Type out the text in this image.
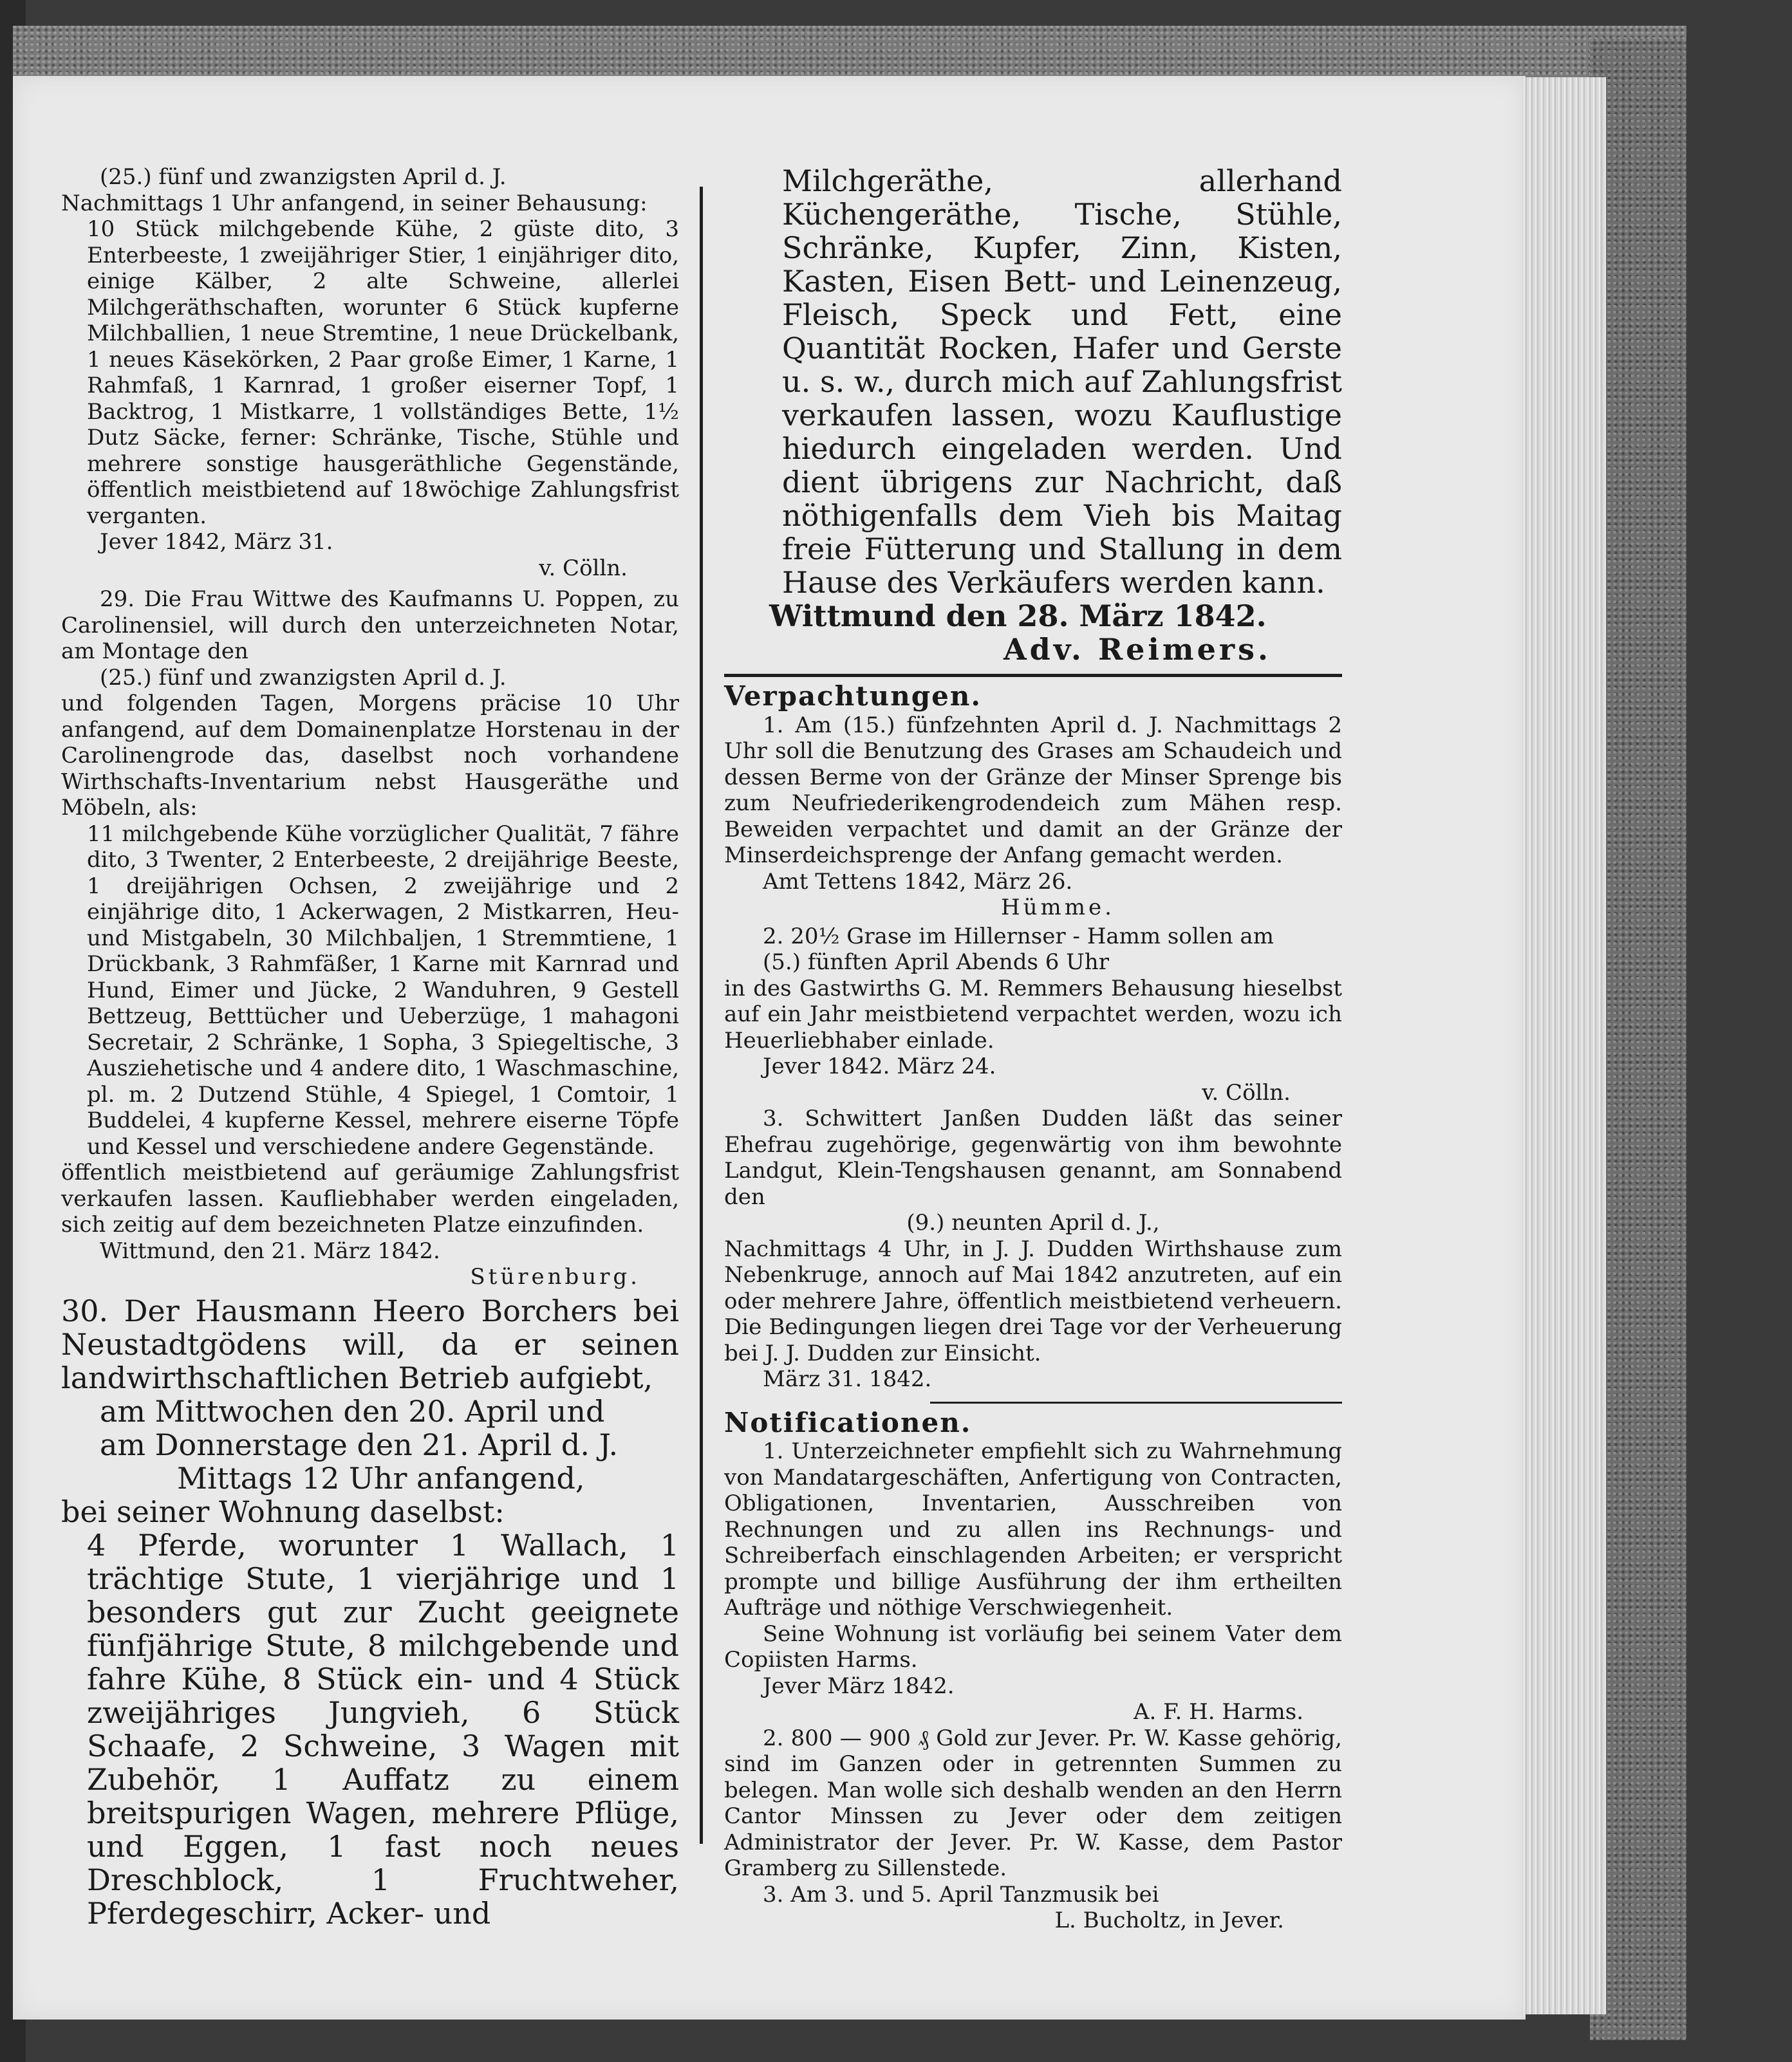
(25.) fünf und zwanzigsten April d. J.

Nachmittags 1 Uhr anfangend, in seiner Behausung:

10 Stück milchgebende Kühe, 2 güste dito, 3 Enterbeeste, 1 zweijähriger Stier, 1 einjähriger dito, einige Kälber, 2 alte Schweine, allerlei Milchgeräthschaften, worunter 6 Stück kupferne Milchballien, 1 neue Stremtine, 1 neue Drückelbank, 1 neues Käsekörken, 2 Paar große Eimer, 1 Karne, 1 Rahmfaß, 1 Karnrad, 1 großer eiserner Topf, 1 Backtrog, 1 Mistkarre, 1 vollständiges Bette, 1½ Dutz Säcke, ferner: Schränke, Tische, Stühle und mehrere sonstige hausgeräthliche Gegenstände, öffentlich meistbietend auf 18wöchige Zahlungsfrist verganten.

Jever 1842, März 31.

v. Cölln.

29. Die Frau Wittwe des Kaufmanns U. Poppen, zu Carolinensiel, will durch den unterzeichneten Notar, am Montage den

(25.) fünf und zwanzigsten April d. J.

und folgenden Tagen, Morgens präcise 10 Uhr anfangend, auf dem Domainenplatze Horstenau in der Carolinengrode das, daselbst noch vorhandene Wirthschafts-Inventarium nebst Hausgeräthe und Möbeln, als:

11 milchgebende Kühe vorzüglicher Qualität, 7 fähre dito, 3 Twenter, 2 Enterbeeste, 2 dreijährige Beeste, 1 dreijährigen Ochsen, 2 zweijährige und 2 einjährige dito, 1 Ackerwagen, 2 Mistkarren, Heu- und Mistgabeln, 30 Milchbaljen, 1 Stremmtiene, 1 Drückbank, 3 Rahmfäßer, 1 Karne mit Karnrad und Hund, Eimer und Jücke, 2 Wanduhren, 9 Gestell Bettzeug, Betttücher und Ueberzüge, 1 mahagoni Secretair, 2 Schränke, 1 Sopha, 3 Spiegeltische, 3 Ausziehetische und 4 andere dito, 1 Waschmaschine, pl. m. 2 Dutzend Stühle, 4 Spiegel, 1 Comtoir, 1 Buddelei, 4 kupferne Kessel, mehrere eiserne Töpfe und Kessel und verschiedene andere Gegenstände.

öffentlich meistbietend auf geräumige Zahlungsfrist verkaufen lassen. Kaufliebhaber werden eingeladen, sich zeitig auf dem bezeichneten Platze einzufinden.

Wittmund, den 21. März 1842.

Stürenburg.

30. Der Hausmann Heero Borchers bei Neustadtgödens will, da er seinen landwirthschaftlichen Betrieb aufgiebt,

am Mittwochen den 20. April und

am Donnerstage den 21. April d. J.

Mittags 12 Uhr anfangend,

bei seiner Wohnung daselbst:

4 Pferde, worunter 1 Wallach, 1 trächtige Stute, 1 vierjährige und 1 besonders gut zur Zucht geeignete fünfjährige Stute, 8 milchgebende und fahre Kühe, 8 Stück ein- und 4 Stück zweijähriges Jungvieh, 6 Stück Schaafe, 2 Schweine, 3 Wagen mit Zubehör, 1 Auffatz zu einem breitspurigen Wagen, mehrere Pflüge, und Eggen, 1 fast noch neues Dreschblock, 1 Fruchtweher, Pferdegeschirr, Acker- und

Milchgeräthe, allerhand Küchengeräthe, Tische, Stühle, Schränke, Kupfer, Zinn, Kisten, Kasten, Eisen Bett- und Leinenzeug, Fleisch, Speck und Fett, eine Quantität Rocken, Hafer und Gerste u. s. w., durch mich auf Zahlungsfrist verkaufen lassen, wozu Kauflustige hiedurch eingeladen werden. Und dient übrigens zur Nachricht, daß nöthigenfalls dem Vieh bis Maitag freie Fütterung und Stallung in dem Hause des Verkäufers werden kann.

Wittmund den 28. März 1842.

Adv. Reimers.

Verpachtungen.

1. Am (15.) fünfzehnten April d. J. Nachmittags 2 Uhr soll die Benutzung des Grases am Schaudeich und dessen Berme von der Gränze der Minser Sprenge bis zum Neufriederikengrodendeich zum Mähen resp. Beweiden verpachtet und damit an der Gränze der Minserdeichsprenge der Anfang gemacht werden.

Amt Tettens 1842, März 26.

Hümme.

2. 20½ Grase im Hillernser - Hamm sollen am

(5.) fünften April Abends 6 Uhr

in des Gastwirths G. M. Remmers Behausung hieselbst auf ein Jahr meistbietend verpachtet werden, wozu ich Heuerliebhaber einlade.

Jever 1842. März 24.

v. Cölln.

3. Schwittert Janßen Dudden läßt das seiner Ehefrau zugehörige, gegenwärtig von ihm bewohnte Landgut, Klein-Tengshausen genannt, am Sonnabend den

(9.) neunten April d. J.,

Nachmittags 4 Uhr, in J. J. Dudden Wirthshause zum Nebenkruge, annoch auf Mai 1842 anzutreten, auf ein oder mehrere Jahre, öffentlich meistbietend verheuern. Die Bedingungen liegen drei Tage vor der Verheuerung bei J. J. Dudden zur Einsicht.

März 31. 1842.

Notificationen.

1. Unterzeichneter empfiehlt sich zu Wahrnehmung von Mandatargeschäften, Anfertigung von Contracten, Obligationen, Inventarien, Ausschreiben von Rechnungen und zu allen ins Rechnungs- und Schreiberfach einschlagenden Arbeiten; er verspricht prompte und billige Ausführung der ihm ertheilten Aufträge und nöthige Verschwiegenheit.

Seine Wohnung ist vorläufig bei seinem Vater dem Copiisten Harms.

Jever März 1842.

A. F. H. Harms.

2. 800 — 900 ₰ Gold zur Jever. Pr. W. Kasse gehörig, sind im Ganzen oder in getrennten Summen zu belegen. Man wolle sich deshalb wenden an den Herrn Cantor Minssen zu Jever oder dem zeitigen Administrator der Jever. Pr. W. Kasse, dem Pastor Gramberg zu Sillenstede.

3. Am 3. und 5. April Tanzmusik bei

L. Bucholtz, in Jever.
